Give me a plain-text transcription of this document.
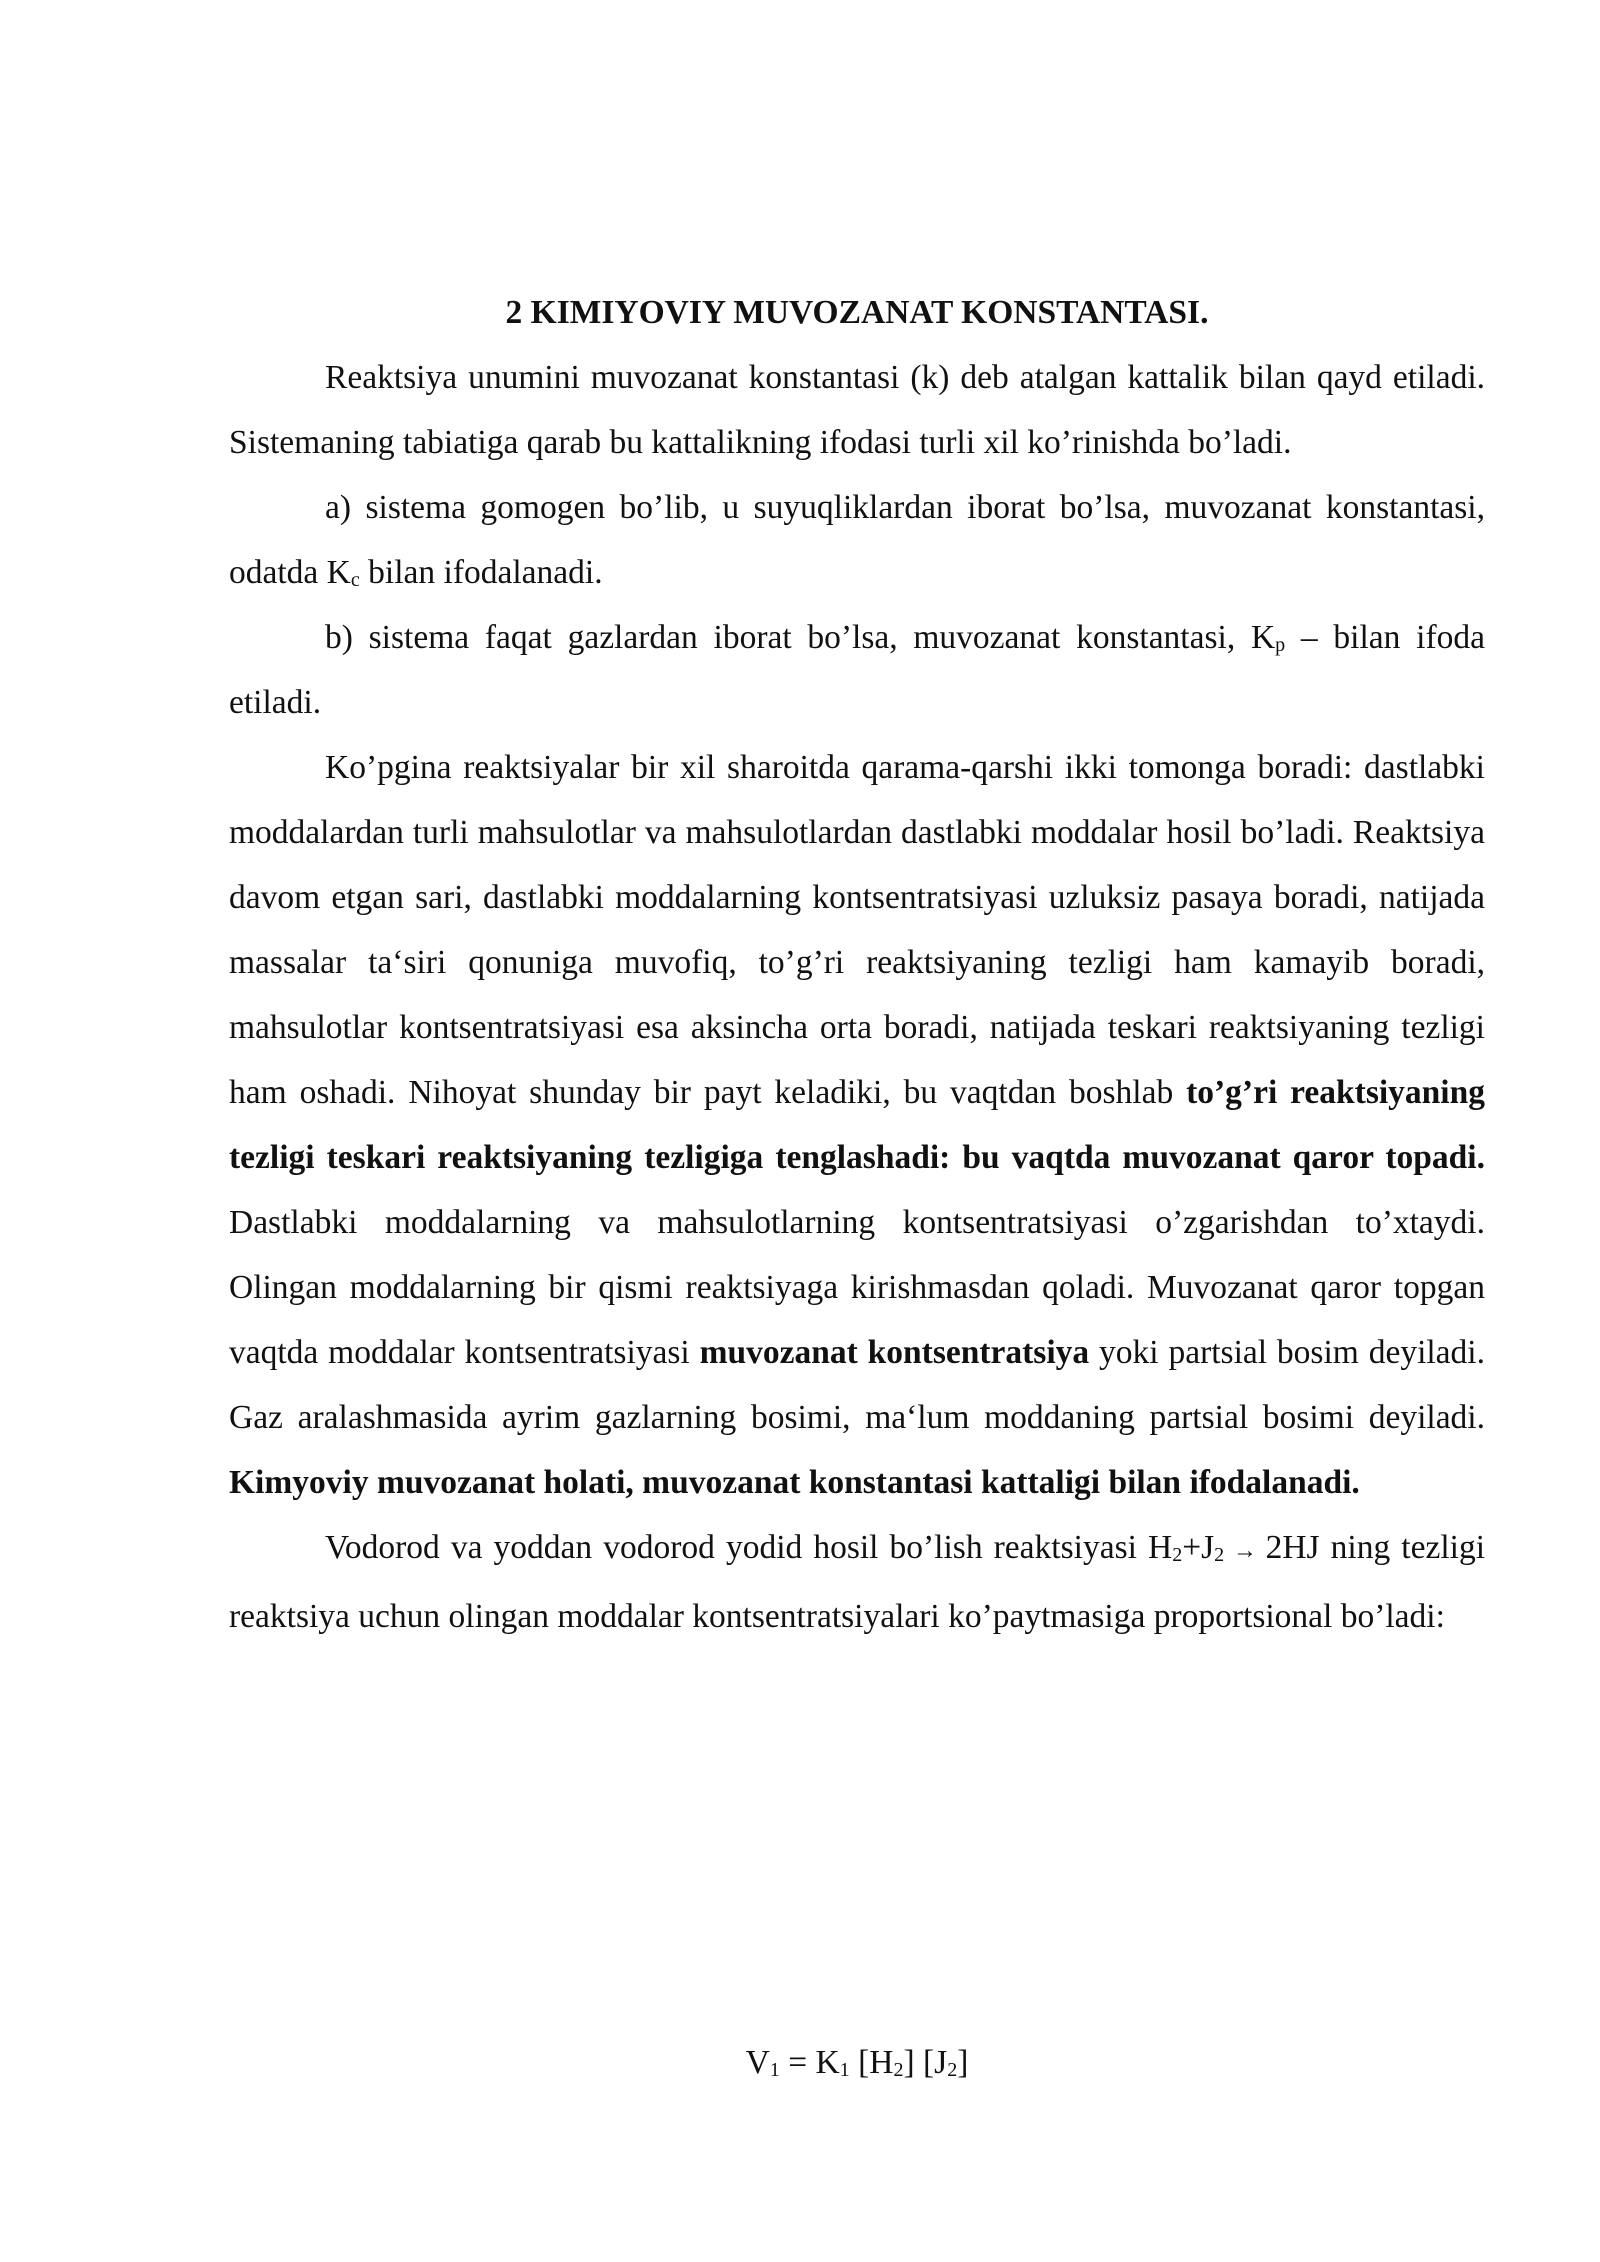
2 KIMIYOVIY MUVOZANAT KONSTANTASI.

Reaktsiya unumini muvozanat konstantasi (k) deb atalgan kattalik bilan qayd etiladi. Sistemaning tabiatiga qarab bu kattalikning ifodasi turli xil ko’rinishda bo’ladi.

a) sistema gomogen bo’lib, u suyuqliklardan iborat bo’lsa, muvozanat konstantasi, odatda $K_c$ bilan ifodalanadi.

b) sistema faqat gazlardan iborat bo’lsa, muvozanat konstantasi, $K_p$ – bilan ifoda etiladi.

Ko’pgina reaktsiyalar bir xil sharoitda qarama-qarshi ikki tomonga boradi: dastlabki moddalardan turli mahsulotlar va mahsulotlardan dastlabki moddalar hosil bo’ladi. Reaktsiya davom etgan sari, dastlabki moddalarning kontsentratsiyasi uzluksiz pasaya boradi, natijada massalar ta‘siri qonuniga muvofiq, to’g’ri reaktsiyaning tezligi ham kamayib boradi, mahsulotlar kontsentratsiyasi esa aksincha orta boradi, natijada teskari reaktsiyaning tezligi ham oshadi. Nihoyat shunday bir payt keladiki, bu vaqtdan boshlab to’g’ri reaktsiyaning tezligi teskari reaktsiyaning tezligiga tenglashadi: bu vaqtda muvozanat qaror topadi. Dastlabki moddalarning va mahsulotlarning kontsentratsiyasi o’zgarishdan to’xtaydi. Olingan moddalarning bir qismi reaktsiyaga kirishmasdan qoladi. Muvozanat qaror topgan vaqtda moddalar kontsentratsiyasi muvozanat kontsentratsiya yoki partsial bosim deyiladi. Gaz aralashmasida ayrim gazlarning bosimi, ma‘lum moddaning partsial bosimi deyiladi. Kimyoviy muvozanat holati, muvozanat konstantasi kattaligi bilan ifodalanadi.

Vodorod va yoddan vodorod yodid hosil bo’lish reaktsiyasi $H_2+J_2 \to 2HJ$ ning tezligi reaktsiya uchun olingan moddalar kontsentratsiyalari ko’paytmasiga proportsional bo’ladi:

$V_1 = K_1$ $[H_2]$ $[J_2]$
